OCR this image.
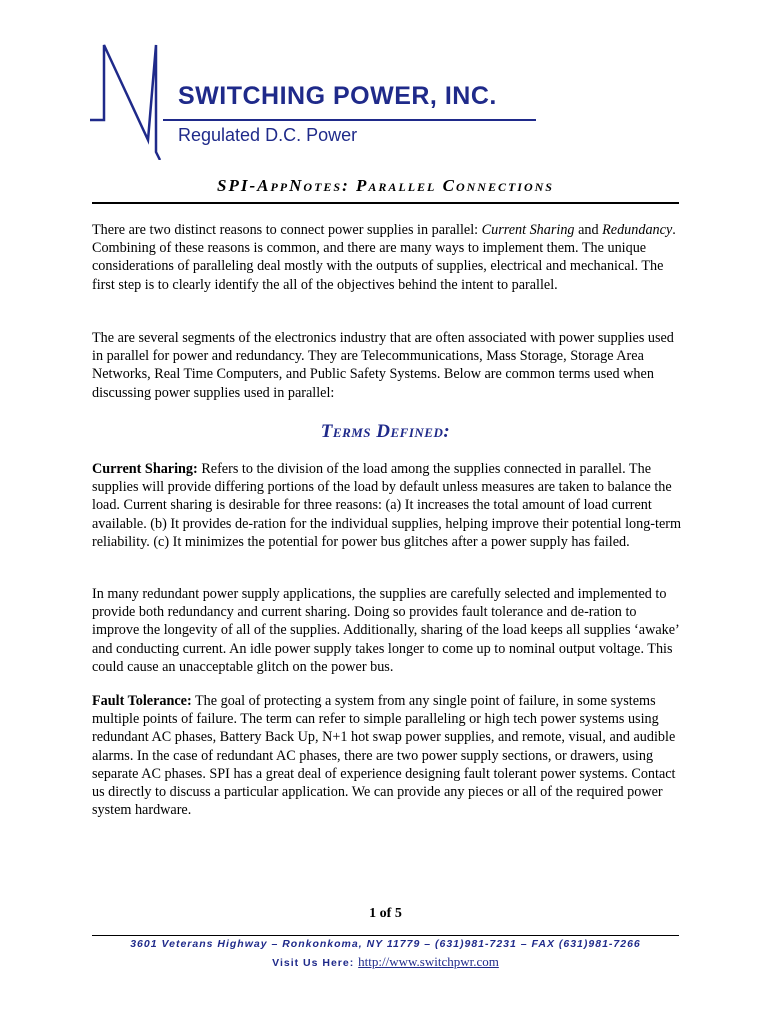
SWITCHING POWER, INC.
Regulated D.C. Power
SPI-AppNotes: Parallel Connections

There are two distinct reasons to connect power supplies in parallel: Current Sharing and Redundancy. Combining of these reasons is common, and there are many ways to implement them. The unique considerations of paralleling deal mostly with the outputs of supplies, electrical and mechanical. The first step is to clearly identify the all of the objectives behind the intent to parallel.

The are several segments of the electronics industry that are often associated with power supplies used in parallel for power and redundancy. They are Telecommunications, Mass Storage, Storage Area Networks, Real Time Computers, and Public Safety Systems. Below are common terms used when discussing power supplies used in parallel:

Terms Defined:

Current Sharing: Refers to the division of the load among the supplies connected in parallel. The supplies will provide differing portions of the load by default unless measures are taken to balance the load. Current sharing is desirable for three reasons: (a) It increases the total amount of load current available. (b) It provides de-ration for the individual supplies, helping improve their potential long-term reliability. (c) It minimizes the potential for power bus glitches after a power supply has failed.

In many redundant power supply applications, the supplies are carefully selected and implemented to provide both redundancy and current sharing. Doing so provides fault tolerance and de-ration to improve the longevity of all of the supplies. Additionally, sharing of the load keeps all supplies ‘awake’ and conducting current. An idle power supply takes longer to come up to nominal output voltage. This could cause an unacceptable glitch on the power bus.

Fault Tolerance: The goal of protecting a system from any single point of failure, in some systems multiple points of failure. The term can refer to simple paralleling or high tech power systems using redundant AC phases, Battery Back Up, N+1 hot swap power supplies, and remote, visual, and audible alarms. In the case of redundant AC phases, there are two power supply sections, or drawers, using separate AC phases. SPI has a great deal of experience designing fault tolerant power systems. Contact us directly to discuss a particular application. We can provide any pieces or all of the required power system hardware.

1 of 5
3601 Veterans Highway – Ronkonkoma, NY 11779 – (631)981-7231 – FAX (631)981-7266
Visit Us Here: http://www.switchpwr.com
